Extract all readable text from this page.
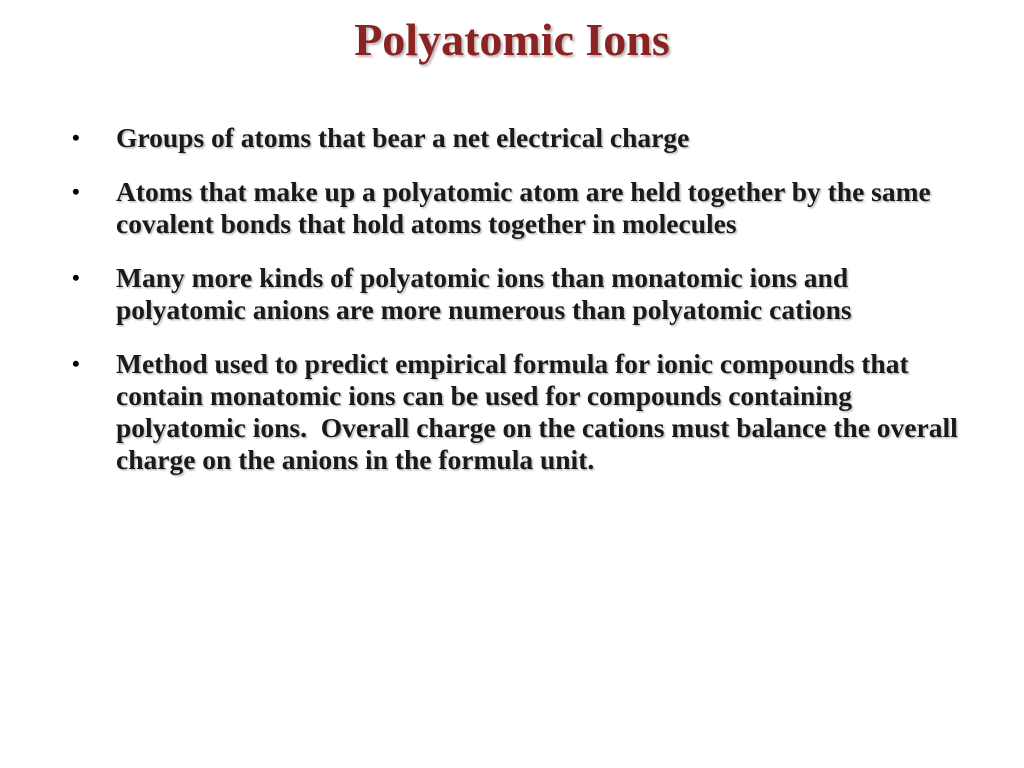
Polyatomic Ions
•	Groups of atoms that bear a net electrical charge
•	Atoms that make up a polyatomic atom are held together by the same covalent bonds that hold atoms together in molecules
•	Many more kinds of polyatomic ions than monatomic ions and polyatomic anions are more numerous than polyatomic cations
•	Method used to predict empirical formula for ionic compounds that contain monatomic ions can be used for compounds containing polyatomic ions.  Overall charge on the cations must balance the overall charge on the anions in the formula unit.
